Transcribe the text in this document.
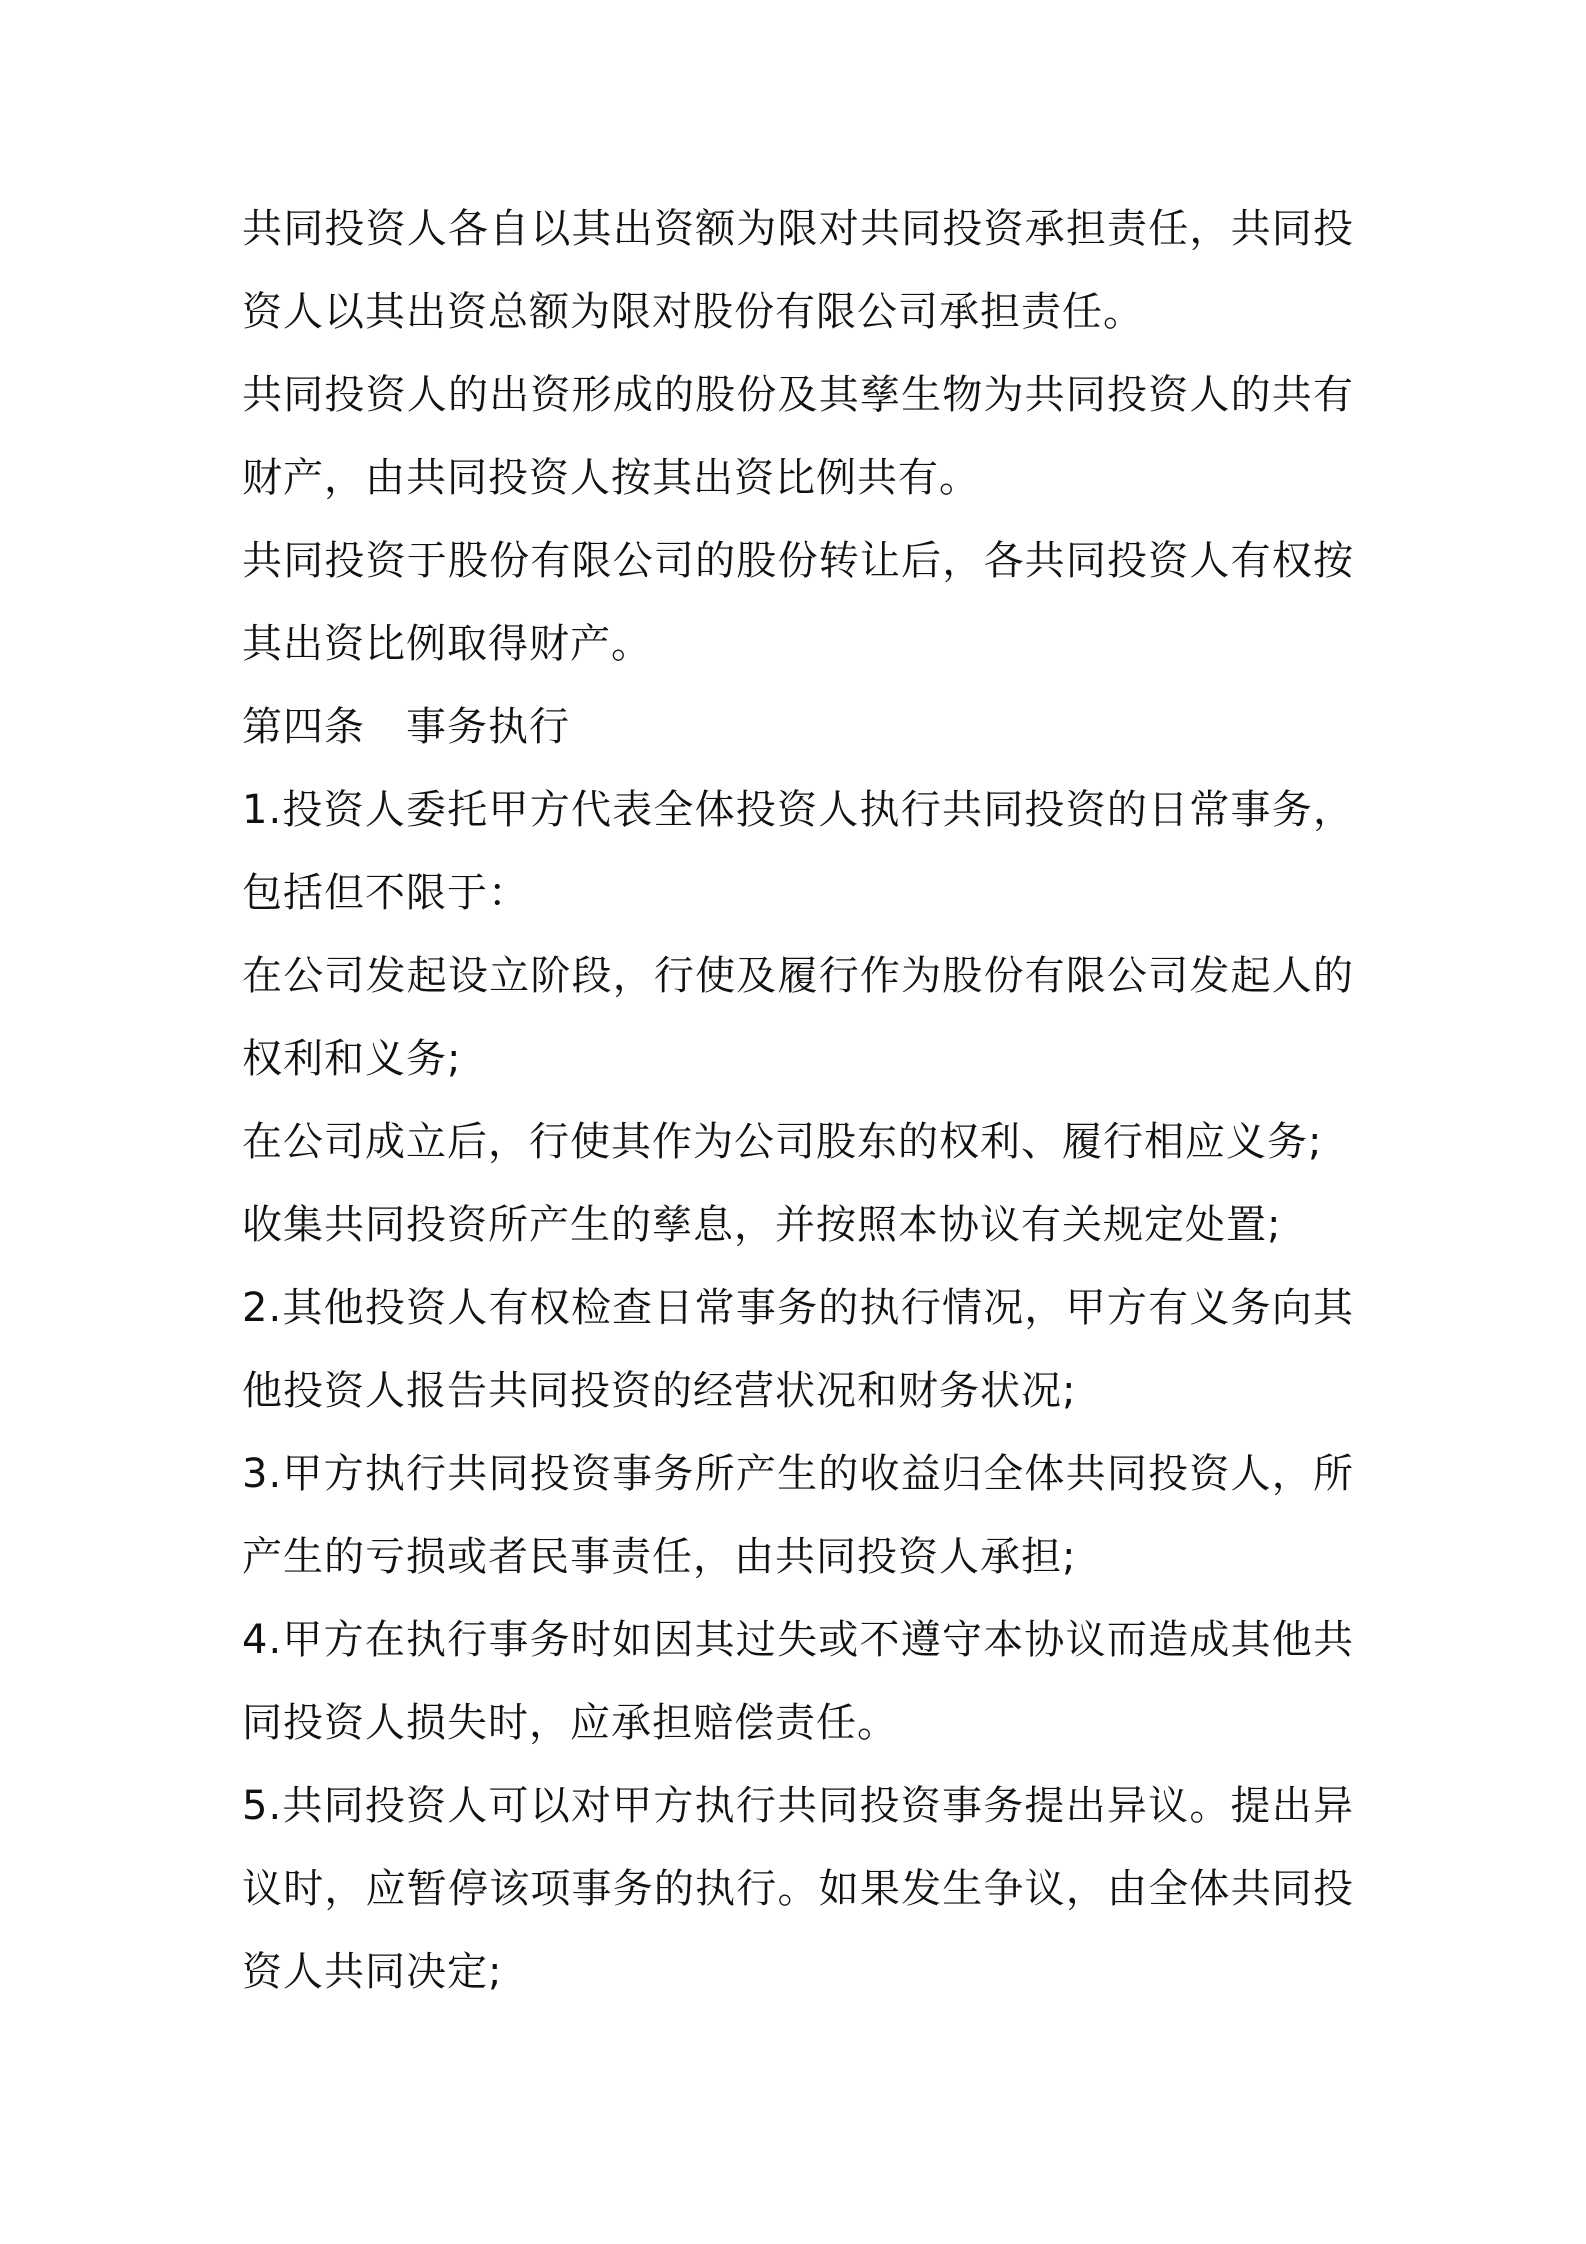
共同投资人各自以其出资额为限对共同投资承担责任，共同投资人以其出资总额为限对股份有限公司承担责任。

共同投资人的出资形成的股份及其孳生物为共同投资人的共有财产，由共同投资人按其出资比例共有。

共同投资于股份有限公司的股份转让后，各共同投资人有权按其出资比例取得财产。

第四条　事务执行

1.投资人委托甲方代表全体投资人执行共同投资的日常事务，包括但不限于：

在公司发起设立阶段，行使及履行作为股份有限公司发起人的权利和义务;

在公司成立后，行使其作为公司股东的权利、履行相应义务;

收集共同投资所产生的孳息，并按照本协议有关规定处置;

2.其他投资人有权检查日常事务的执行情况，甲方有义务向其他投资人报告共同投资的经营状况和财务状况;

3.甲方执行共同投资事务所产生的收益归全体共同投资人，所产生的亏损或者民事责任，由共同投资人承担;

4.甲方在执行事务时如因其过失或不遵守本协议而造成其他共同投资人损失时，应承担赔偿责任。

5.共同投资人可以对甲方执行共同投资事务提出异议。提出异议时，应暂停该项事务的执行。如果发生争议，由全体共同投资人共同决定;
